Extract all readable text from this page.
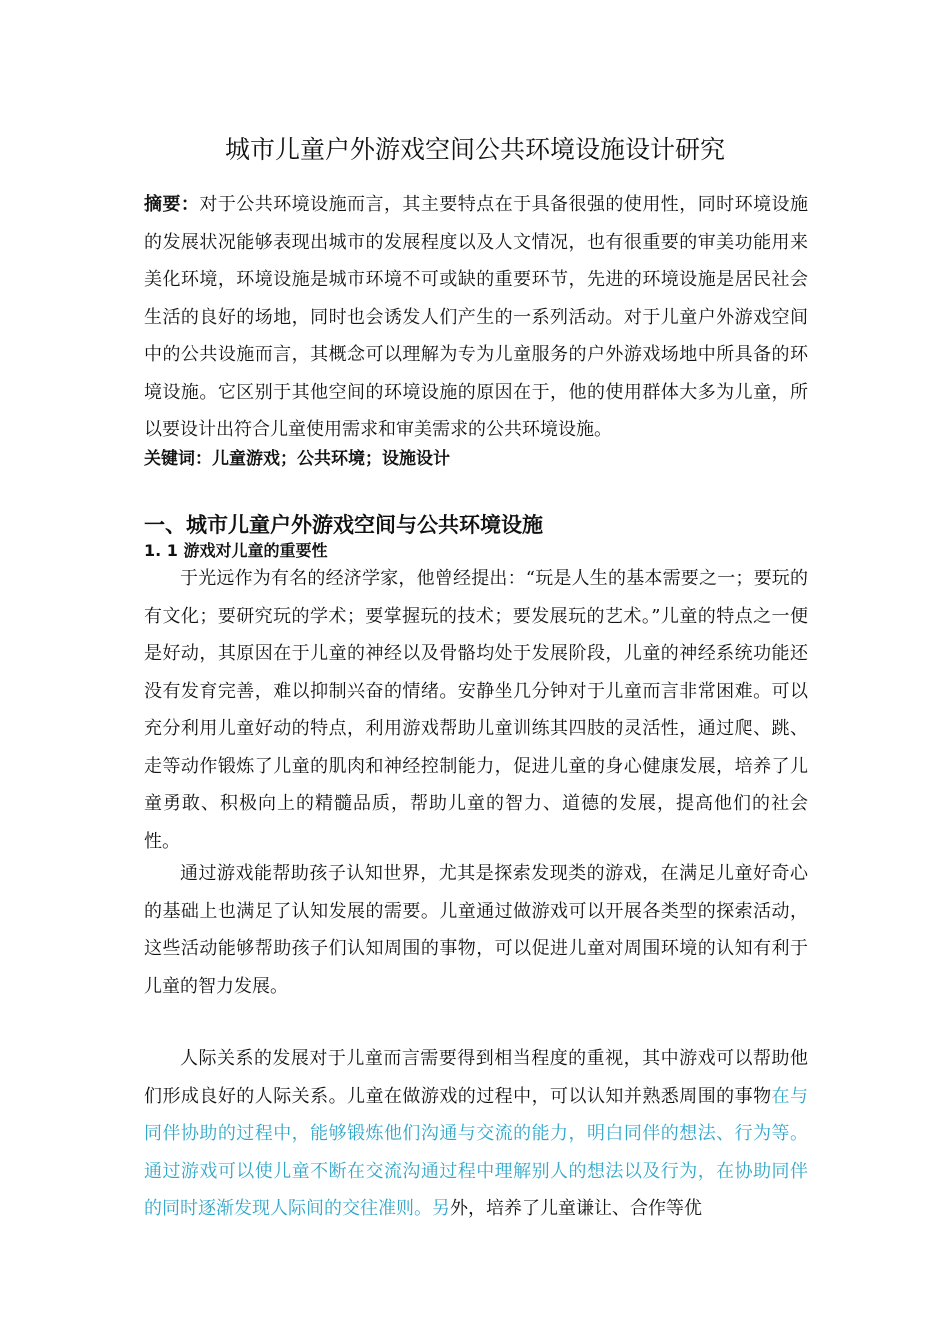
城市儿童户外游戏空间公共环境设施设计研究
摘要：对于公共环境设施而言，其主要特点在于具备很强的使用性，同时环境设施的发展状况能够表现出城市的发展程度以及人文情况，也有很重要的审美功能用来美化环境，环境设施是城市环境不可或缺的重要环节，先进的环境设施是居民社会生活的良好的场地，同时也会诱发人们产生的一系列活动。对于儿童户外游戏空间中的公共设施而言，其概念可以理解为专为儿童服务的户外游戏场地中所具备的环境设施。它区别于其他空间的环境设施的原因在于，他的使用群体大多为儿童，所以要设计出符合儿童使用需求和审美需求的公共环境设施。
关键词：儿童游戏；公共环境；设施设计
一、城市儿童户外游戏空间与公共环境设施
1. 1 游戏对儿童的重要性

于光远作为有名的经济学家，他曾经提出：“玩是人生的基本需要之一；要玩的有文化；要研究玩的学术；要掌握玩的技术；要发展玩的艺术。”儿童的特点之一便是好动，其原因在于儿童的神经以及骨骼均处于发展阶段，儿童的神经系统功能还没有发育完善，难以抑制兴奋的情绪。安静坐几分钟对于儿童而言非常困难。可以充分利用儿童好动的特点，利用游戏帮助儿童训练其四肢的灵活性，通过爬、跳、走等动作锻炼了儿童的肌肉和神经控制能力，促进儿童的身心健康发展，培养了儿童勇敢、积极向上的精髓品质，帮助儿童的智力、道德的发展，提高他们的社会性。

通过游戏能帮助孩子认知世界，尤其是探索发现类的游戏，在满足儿童好奇心的基础上也满足了认知发展的需要。儿童通过做游戏可以开展各类型的探索活动，这些活动能够帮助孩子们认知周围的事物，可以促进儿童对周围环境的认知有利于儿童的智力发展。

人际关系的发展对于儿童而言需要得到相当程度的重视，其中游戏可以帮助他们形成良好的人际关系。儿童在做游戏的过程中，可以认知并熟悉周围的事物在与同伴协助的过程中，能够锻炼他们沟通与交流的能力，明白同伴的想法、行为等。通过游戏可以使儿童不断在交流沟通过程中理解别人的想法以及行为，在协助同伴的同时逐渐发现人际间的交往准则。另外，培养了儿童谦让、合作等优
